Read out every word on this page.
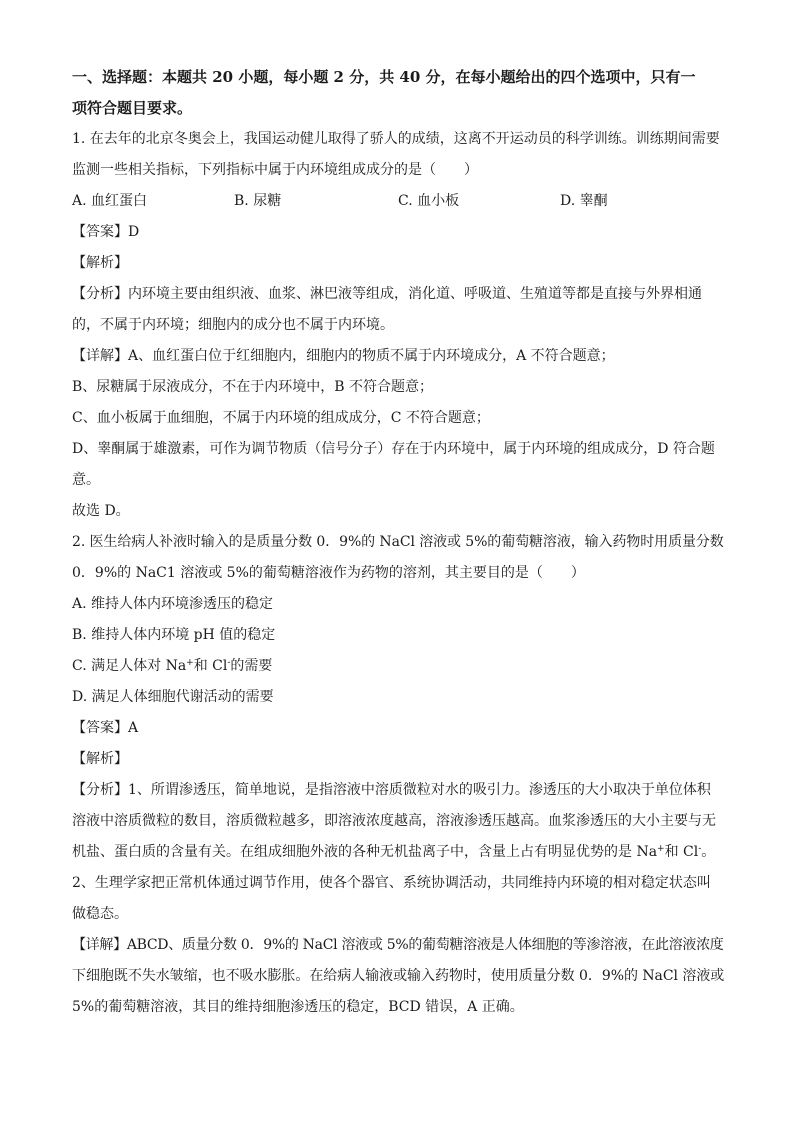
一、选择题：本题共 20 小题，每小题 2 分，共 40 分，在每小题给出的四个选项中，只有一
项符合题目要求。
1. 在去年的北京冬奥会上，我国运动健儿取得了骄人的成绩，这离不开运动员的科学训练。训练期间需要
监测一些相关指标，下列指标中属于内环境组成成分的是（　　）
A. 血红蛋白	B. 尿糖	C. 血小板	D. 睾酮
【答案】D
【解析】
【分析】内环境主要由组织液、血浆、淋巴液等组成，消化道、呼吸道、生殖道等都是直接与外界相通
的，不属于内环境；细胞内的成分也不属于内环境。
【详解】A、血红蛋白位于红细胞内，细胞内的物质不属于内环境成分，A 不符合题意；
B、尿糖属于尿液成分，不在于内环境中，B 不符合题意；
C、血小板属于血细胞，不属于内环境的组成成分，C 不符合题意；
D、睾酮属于雄激素，可作为调节物质（信号分子）存在于内环境中，属于内环境的组成成分，D 符合题
意。
故选 D。
2. 医生给病人补液时输入的是质量分数 0．9%的 NaCl 溶液或 5%的葡萄糖溶液，输入药物时用质量分数
0．9%的 NaC1 溶液或 5%的葡萄糖溶液作为药物的溶剂，其主要目的是（　　）
A. 维持人体内环境渗透压的稳定
B. 维持人体内环境 pH 值的稳定
C. 满足人体对 Na+和 Cl-的需要
D. 满足人体细胞代谢活动的需要
【答案】A
【解析】
【分析】1、所谓渗透压，简单地说，是指溶液中溶质微粒对水的吸引力。渗透压的大小取决于单位体积
溶液中溶质微粒的数目，溶质微粒越多，即溶液浓度越高，溶液渗透压越高。血浆渗透压的大小主要与无
机盐、蛋白质的含量有关。在组成细胞外液的各种无机盐离子中，含量上占有明显优势的是 Na+和 Cl-。
2、生理学家把正常机体通过调节作用，使各个器官、系统协调活动，共同维持内环境的相对稳定状态叫
做稳态。
【详解】ABCD、质量分数 0．9%的 NaCl 溶液或 5%的葡萄糖溶液是人体细胞的等渗溶液，在此溶液浓度
下细胞既不失水皱缩，也不吸水膨胀。在给病人输液或输入药物时，使用质量分数 0．9%的 NaCl 溶液或
5%的葡萄糖溶液，其目的维持细胞渗透压的稳定，BCD 错误，A 正确。
